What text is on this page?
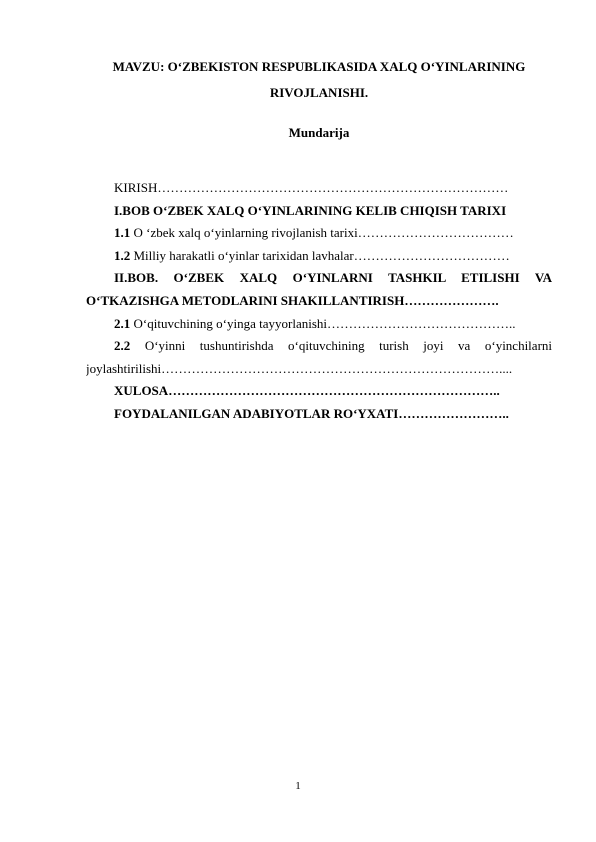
MAVZU: O‘ZBEKISTON RESPUBLIKASIDA XALQ O‘YINLARINING RIVOJLANISHI.

Mundarija

KIRISH………………………………………………………………………
I.BOB O‘ZBEK XALQ O‘YINLARINING KELIB CHIQISH TARIXI
1.1 O ‘zbek xalq o‘yinlarning rivojlanish tarixi………………………………
1.2 Milliy harakatli o‘yinlar tarixidan lavhalar………………………………
II.BOB. O‘ZBEK XALQ O‘YINLARNI TASHKIL ETILISHI VA O‘TKAZISHGA METODLARINI SHAKILLANTIRISH………………….
2.1 O‘qituvchining o‘yinga tayyorlanishi……………………………………..
2.2 O‘yinni tushuntirishda o‘qituvchining turish joyi va o‘yinchilarni joylashtirilishi……………………………………………………………………....
XULOSA…………………………………………………………………..
FOYDALANILGAN ADABIYOTLAR RO‘YXATI……………………..
1
